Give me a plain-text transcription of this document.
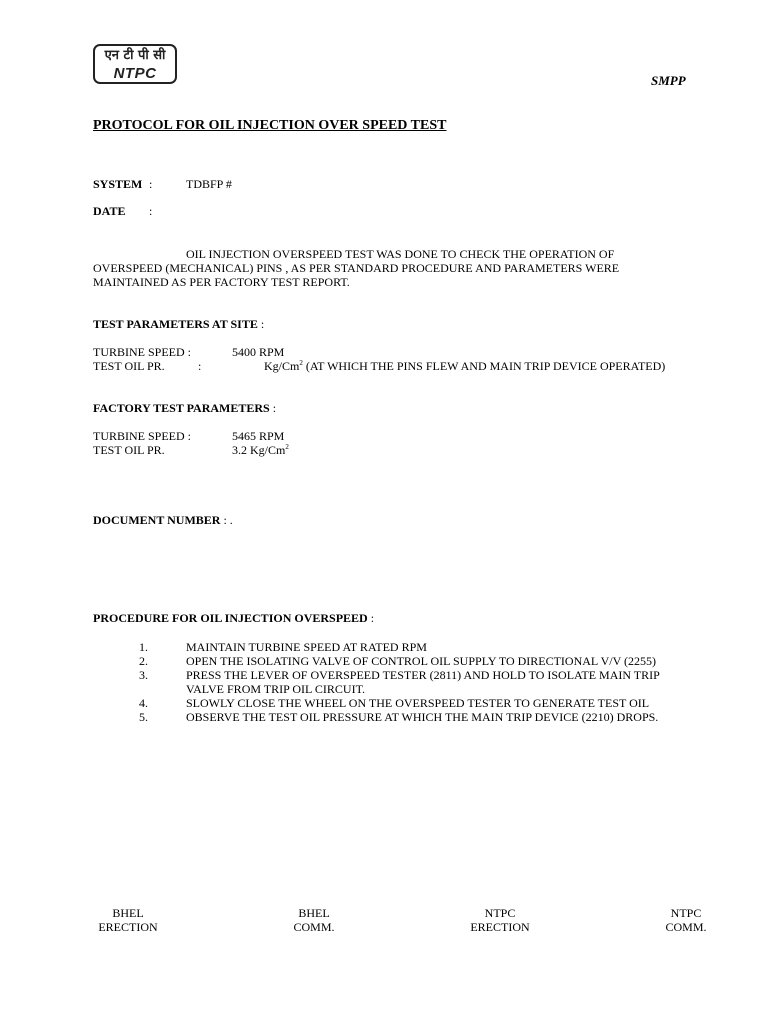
एन टी पी सी
NTPC	SMPP
PROTOCOL FOR OIL INJECTION OVER SPEED TEST
SYSTEM :	TDBFP #
DATE :
OIL INJECTION OVERSPEED TEST WAS DONE TO CHECK THE OPERATION OF
OVERSPEED (MECHANICAL) PINS , AS PER STANDARD PROCEDURE AND PARAMETERS WERE
MAINTAINED AS PER FACTORY TEST REPORT.
TEST PARAMETERS AT SITE :
TURBINE SPEED :	5400 RPM
TEST OIL PR.	:	Kg/Cm$^2$ (AT WHICH THE PINS FLEW AND MAIN TRIP DEVICE OPERATED)
FACTORY TEST PARAMETERS :
TURBINE SPEED :	5465 RPM
TEST OIL PR.	3.2 Kg/Cm$^2$
DOCUMENT NUMBER : .
PROCEDURE FOR OIL INJECTION OVERSPEED :
1.	MAINTAIN TURBINE SPEED AT RATED RPM
2.	OPEN THE ISOLATING VALVE OF CONTROL OIL SUPPLY TO DIRECTIONAL V/V (2255)
3.	PRESS THE LEVER OF OVERSPEED TESTER (2811) AND HOLD TO ISOLATE MAIN TRIP
VALVE FROM TRIP OIL CIRCUIT.
4.	SLOWLY CLOSE THE WHEEL ON THE OVERSPEED TESTER TO GENERATE TEST OIL
5.	OBSERVE THE TEST OIL PRESSURE AT WHICH THE MAIN TRIP DEVICE (2210) DROPS.
BHEL
ERECTION
BHEL
COMM.
NTPC
ERECTION
NTPC
COMM.
